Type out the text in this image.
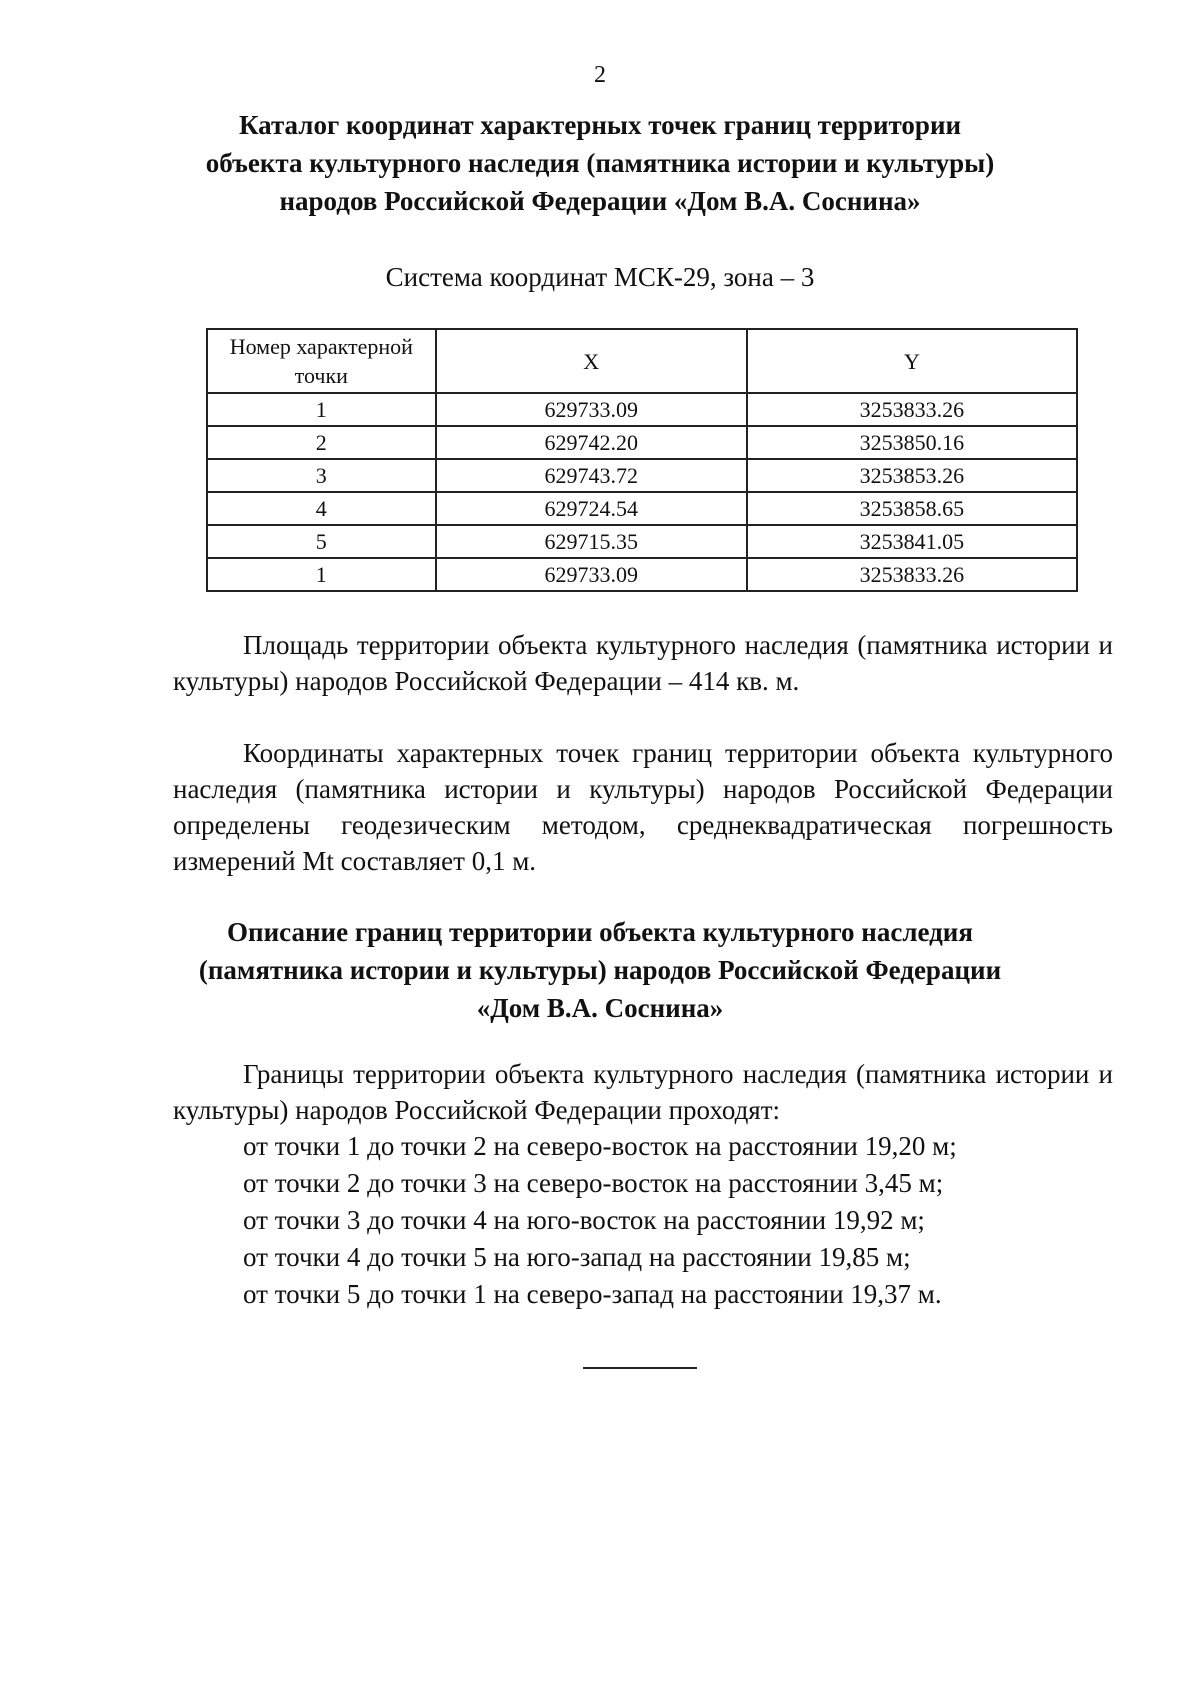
2
Каталог координат характерных точек границ территории
объекта культурного наследия (памятника истории и культуры)
народов Российской Федерации «Дом В.А. Соснина»
Система координат МСК-29, зона – 3
Номер характерной точки	X	Y
1	629733.09	3253833.26
2	629742.20	3253850.16
3	629743.72	3253853.26
4	629724.54	3253858.65
5	629715.35	3253841.05
1	629733.09	3253833.26
Площадь территории объекта культурного наследия (памятника истории и культуры) народов Российской Федерации – 414 кв. м.
Координаты характерных точек границ территории объекта культурного наследия (памятника истории и культуры) народов Российской Федерации определены геодезическим методом, среднеквадратическая погрешность измерений Mt составляет 0,1 м.
Описание границ территории объекта культурного наследия
(памятника истории и культуры) народов Российской Федерации
«Дом В.А. Соснина»
Границы территории объекта культурного наследия (памятника истории и культуры) народов Российской Федерации проходят:
от точки 1 до точки 2 на северо-восток на расстоянии 19,20 м;
от точки 2 до точки 3 на северо-восток на расстоянии 3,45 м;
от точки 3 до точки 4 на юго-восток на расстоянии 19,92 м;
от точки 4 до точки 5 на юго-запад на расстоянии 19,85 м;
от точки 5 до точки 1 на северо-запад на расстоянии 19,37 м.
